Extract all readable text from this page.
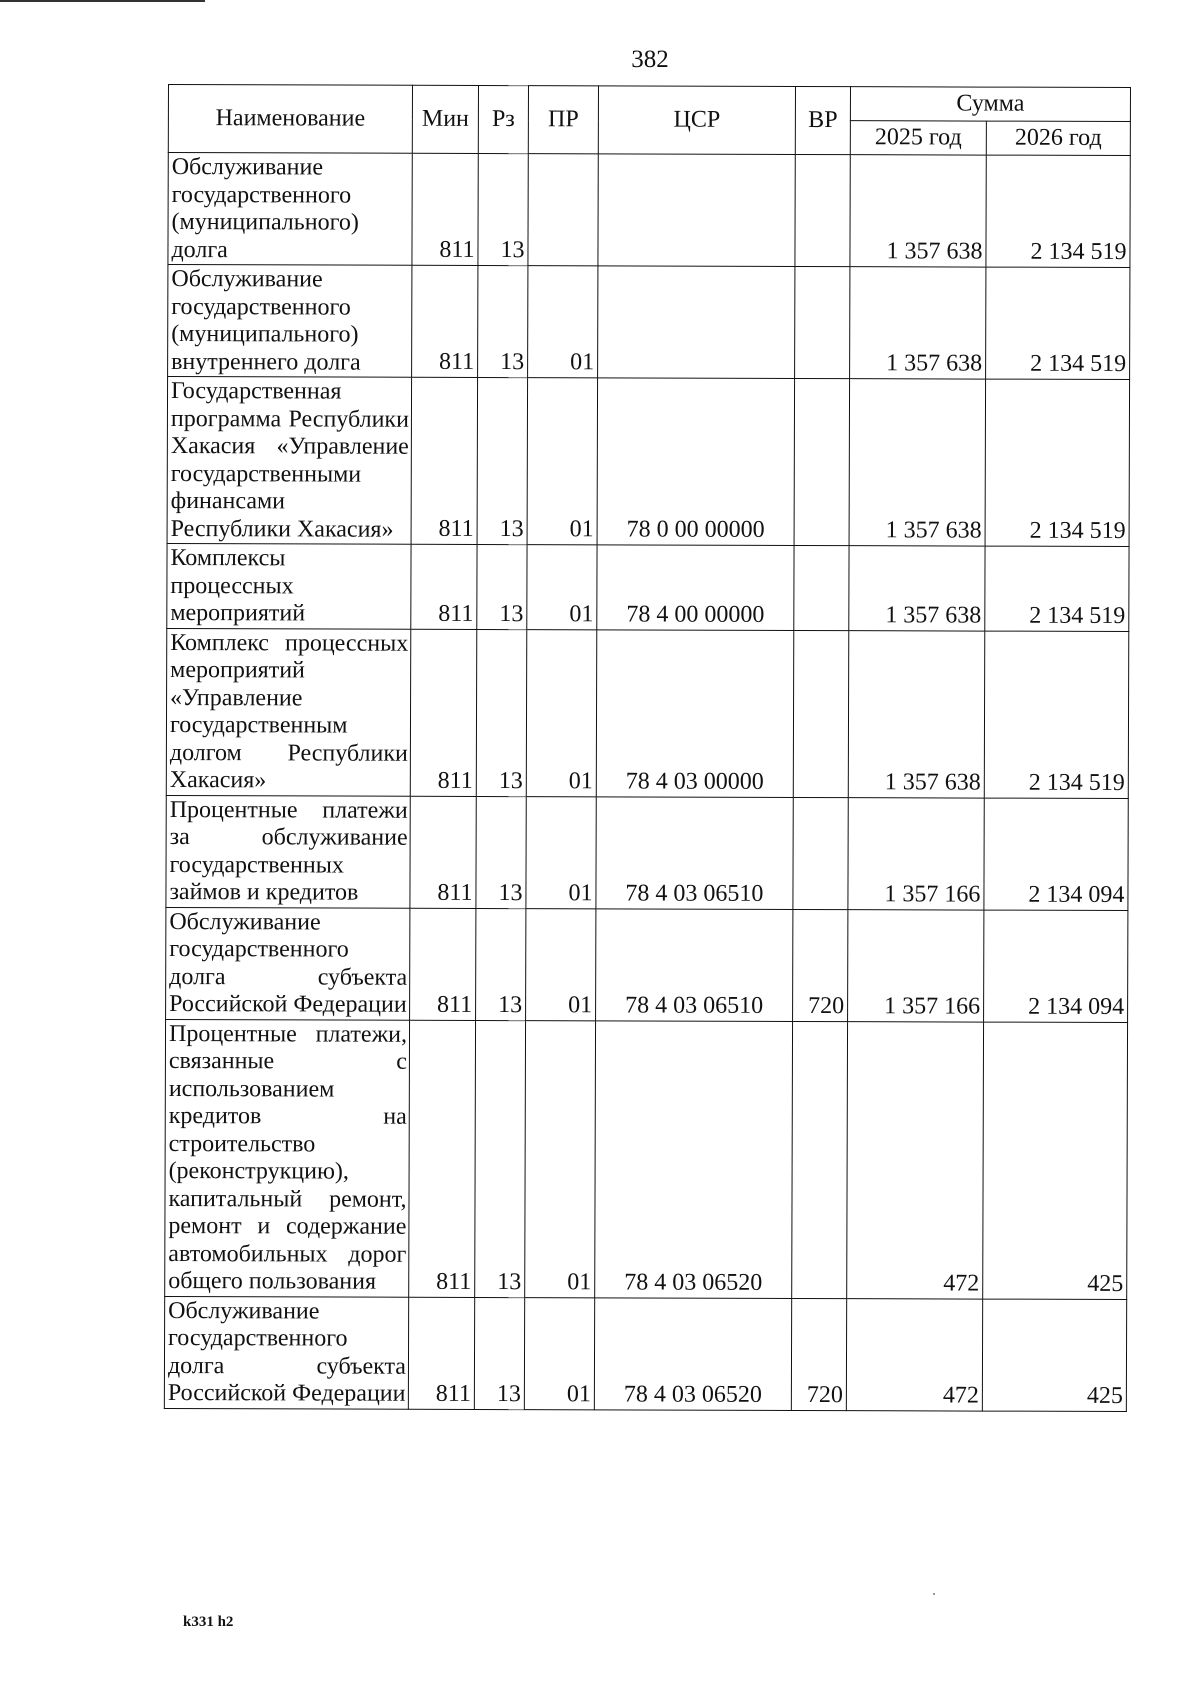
382
Наименование	Мин	Рз	ПР	ЦСР	ВР	Сумма	
						2025 год	2026 год
Обслуживание государственного (муниципального) долга	811	13				1 357 638	2 134 519
Обслуживание государственного (муниципального) внутреннего долга	811	13	01			1 357 638	2 134 519
Государственная программа Республики Хакасия «Управление государственными финансами Республики Хакасия»	811	13	01	78 0 00 00000		1 357 638	2 134 519
Комплексы процессных мероприятий	811	13	01	78 4 00 00000		1 357 638	2 134 519
Комплекс процессных мероприятий «Управление государственным долгом Республики Хакасия»	811	13	01	78 4 03 00000		1 357 638	2 134 519
Процентные платежи за обслуживание государственных займов и кредитов	811	13	01	78 4 03 06510		1 357 166	2 134 094
Обслуживание государственного долга субъекта Российской Федерации	811	13	01	78 4 03 06510	720	1 357 166	2 134 094
Процентные платежи, связанные с использованием кредитов на строительство (реконструкцию), капитальный ремонт, ремонт и содержание автомобильных дорог общего пользования	811	13	01	78 4 03 06520		472	425
Обслуживание государственного долга субъекта Российской Федерации	811	13	01	78 4 03 06520	720	472	425
k331 h2
